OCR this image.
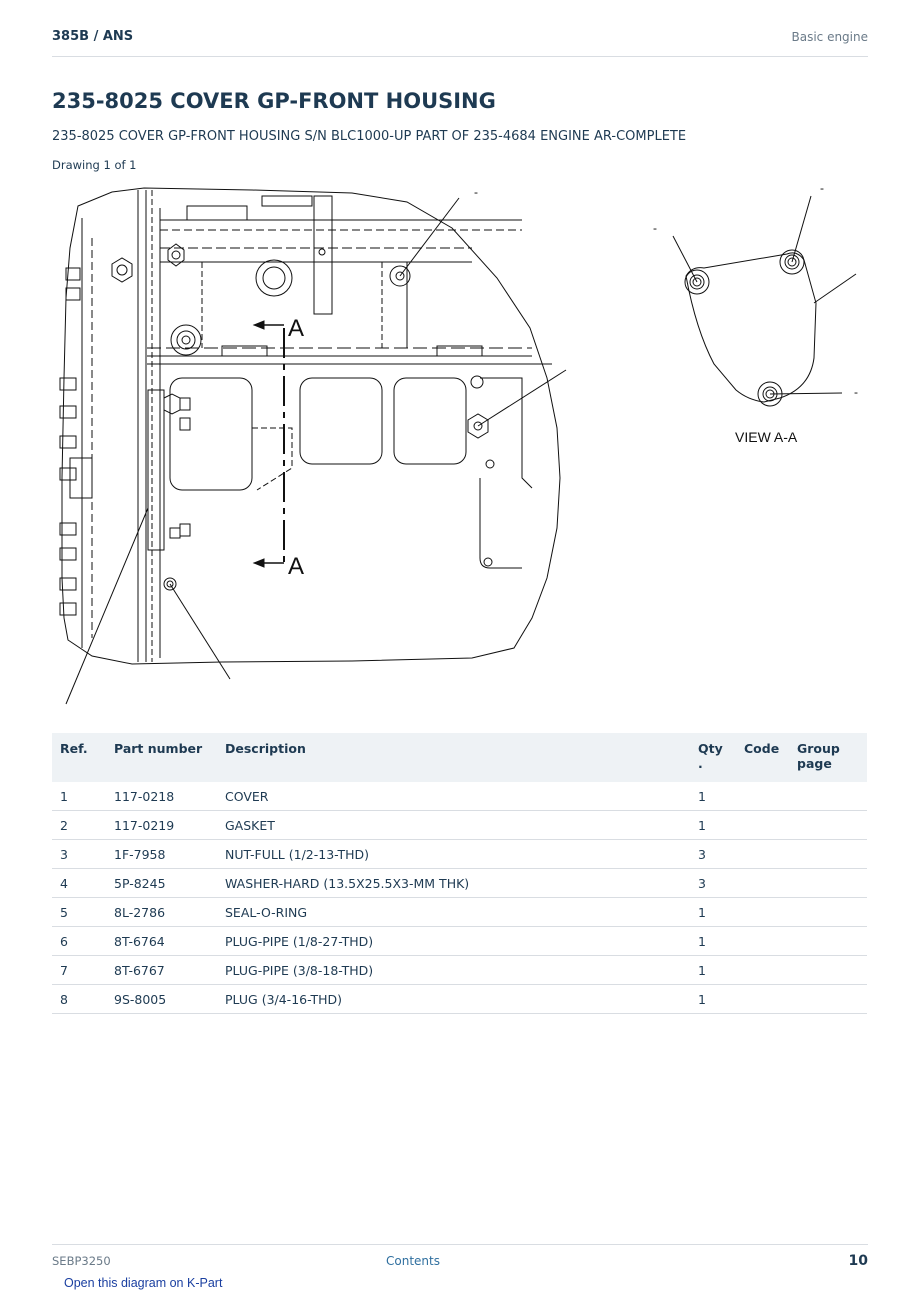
385B / ANS	Basic engine
235-8025 COVER GP-FRONT HOUSING
235-8025 COVER GP-FRONT HOUSING S/N BLC1000-UP PART OF 235-4684 ENGINE AR-COMPLETE
Drawing 1 of 1
A
A
-
-
-
-
VIEW A-A
Ref.	Part number	Description	Qty .	Code	Group page
1	117-0218	COVER	1		
2	117-0219	GASKET	1		
3	1F-7958	NUT-FULL (1/2-13-THD)	3		
4	5P-8245	WASHER-HARD (13.5X25.5X3-MM THK)	3		
5	8L-2786	SEAL-O-RING	1		
6	8T-6764	PLUG-PIPE (1/8-27-THD)	1		
7	8T-6767	PLUG-PIPE (3/8-18-THD)	1		
8	9S-8005	PLUG (3/4-16-THD)	1		
SEBP3250	Contents	10
Open this diagram on K-Part
